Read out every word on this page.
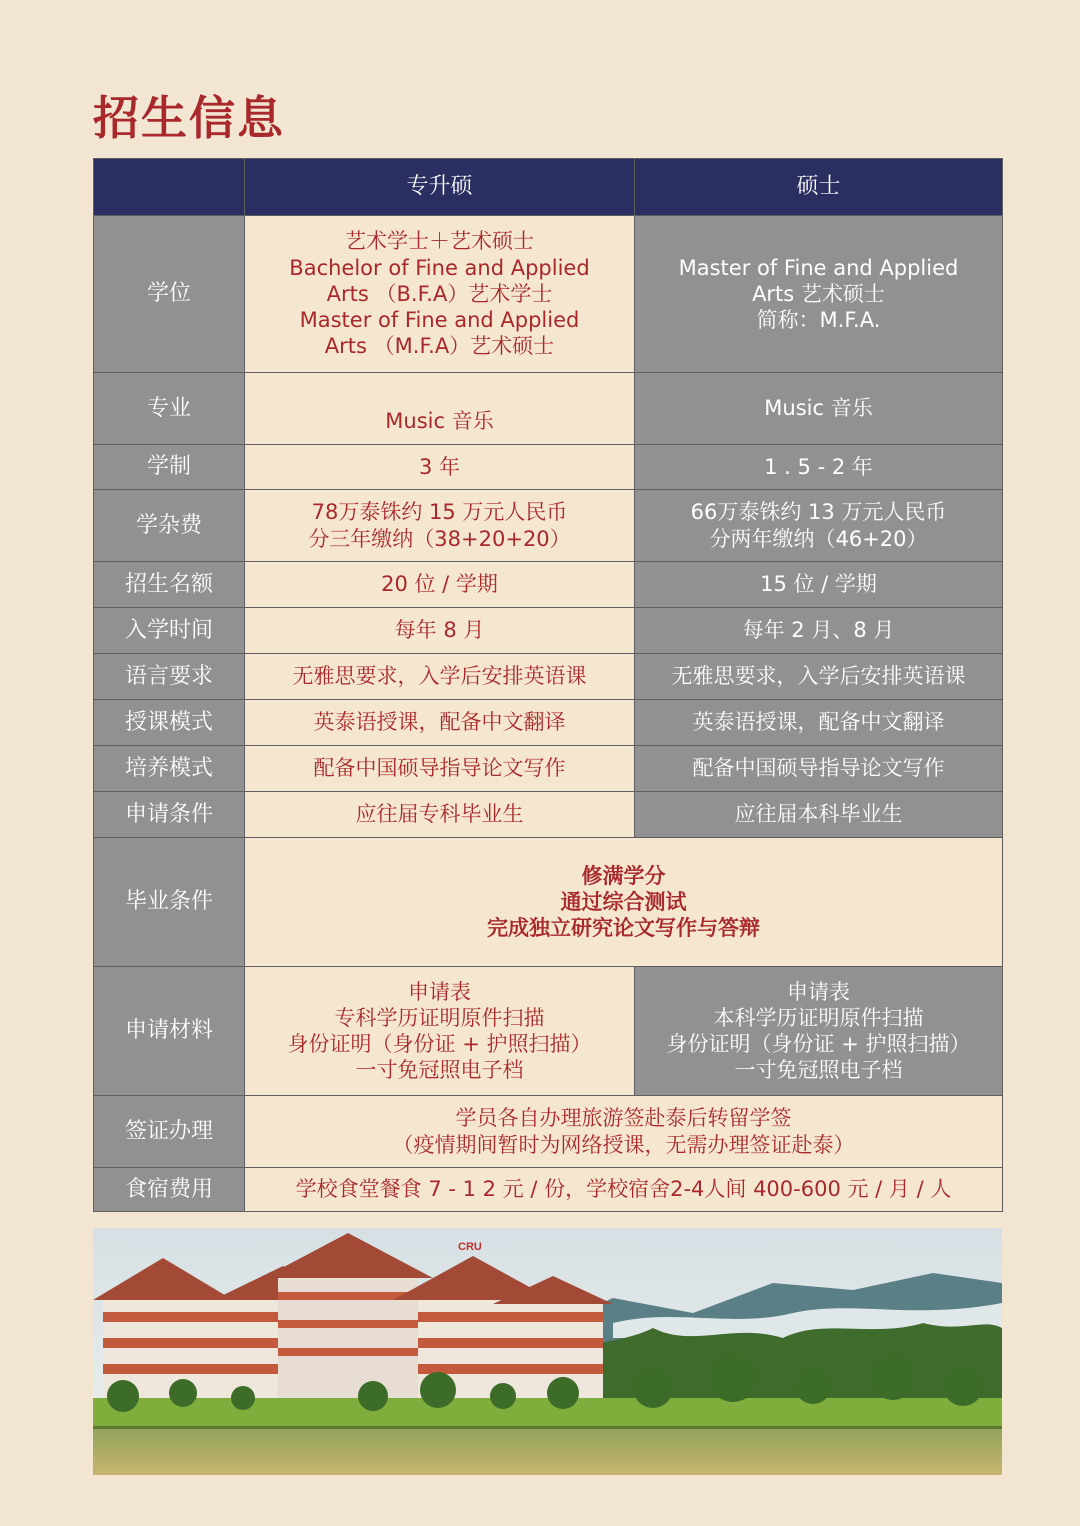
招生信息
	专升硕	硕士
学位	艺术学士＋艺术硕士
Bachelor of Fine and Applied
Arts （B.F.A）艺术学士
Master of Fine and Applied
Arts （M.F.A）艺术硕士	Master of Fine and Applied
Arts 艺术硕士
简称：M.F.A.
专业	Music 音乐	Music 音乐
学制	3 年	1 . 5 - 2 年
学杂费	78万泰铢约 15 万元人民币
分三年缴纳（38+20+20）	66万泰铢约 13 万元人民币
分两年缴纳（46+20）
招生名额	20 位 / 学期	15 位 / 学期
入学时间	每年 8 月	每年 2 月、8 月
语言要求	无雅思要求，入学后安排英语课	无雅思要求，入学后安排英语课
授课模式	英泰语授课，配备中文翻译	英泰语授课，配备中文翻译
培养模式	配备中国硕导指导论文写作	配备中国硕导指导论文写作
申请条件	应往届专科毕业生	应往届本科毕业生
毕业条件	修满学分
通过综合测试
完成独立研究论文写作与答辩	
申请材料	申请表
专科学历证明原件扫描
身份证明（身份证 + 护照扫描）
一寸免冠照电子档	申请表
本科学历证明原件扫描
身份证明（身份证 + 护照扫描）
一寸免冠照电子档
签证办理	学员各自办理旅游签赴泰后转留学签
（疫情期间暂时为网络授课，无需办理签证赴泰）	
食宿费用	学校食堂餐食 7 - 1 2 元 / 份，学校宿舍2-4人间 400-600 元 / 月 / 人	
CRU
